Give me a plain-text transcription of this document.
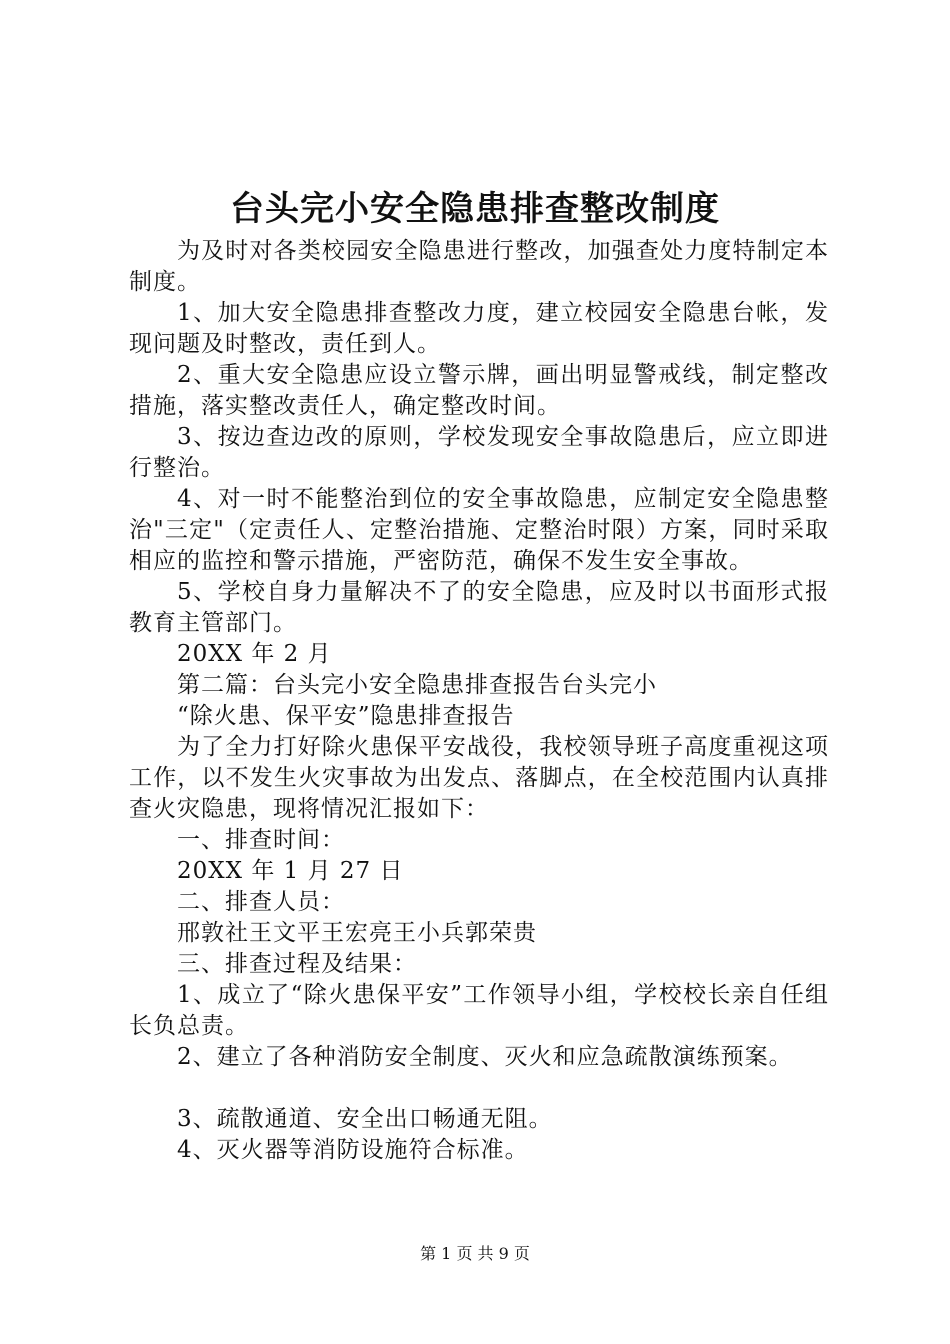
台头完小安全隐患排查整改制度

为及时对各类校园安全隐患进行整改，加强查处力度特制定本制度。

1、加大安全隐患排查整改力度，建立校园安全隐患台帐，发现问题及时整改，责任到人。

2、重大安全隐患应设立警示牌，画出明显警戒线，制定整改措施，落实整改责任人，确定整改时间。

3、按边查边改的原则，学校发现安全事故隐患后，应立即进行整治。

4、对一时不能整治到位的安全事故隐患，应制定安全隐患整治"三定"（定责任人、定整治措施、定整治时限）方案，同时采取相应的监控和警示措施，严密防范，确保不发生安全事故。

5、学校自身力量解决不了的安全隐患，应及时以书面形式报教育主管部门。

20XX 年 2 月

第二篇：台头完小安全隐患排查报告台头完小

“除火患、保平安”隐患排查报告

为了全力打好除火患保平安战役，我校领导班子高度重视这项工作，以不发生火灾事故为出发点、落脚点，在全校范围内认真排查火灾隐患，现将情况汇报如下：

一、排查时间：

20XX 年 1 月 27 日

二、排查人员：

邢敦社王文平王宏亮王小兵郭荣贵

三、排查过程及结果：

1、成立了“除火患保平安”工作领导小组，学校校长亲自任组长负总责。

2、建立了各种消防安全制度、灭火和应急疏散演练预案。

3、疏散通道、安全出口畅通无阻。

4、灭火器等消防设施符合标准。

第 1 页 共 9 页
